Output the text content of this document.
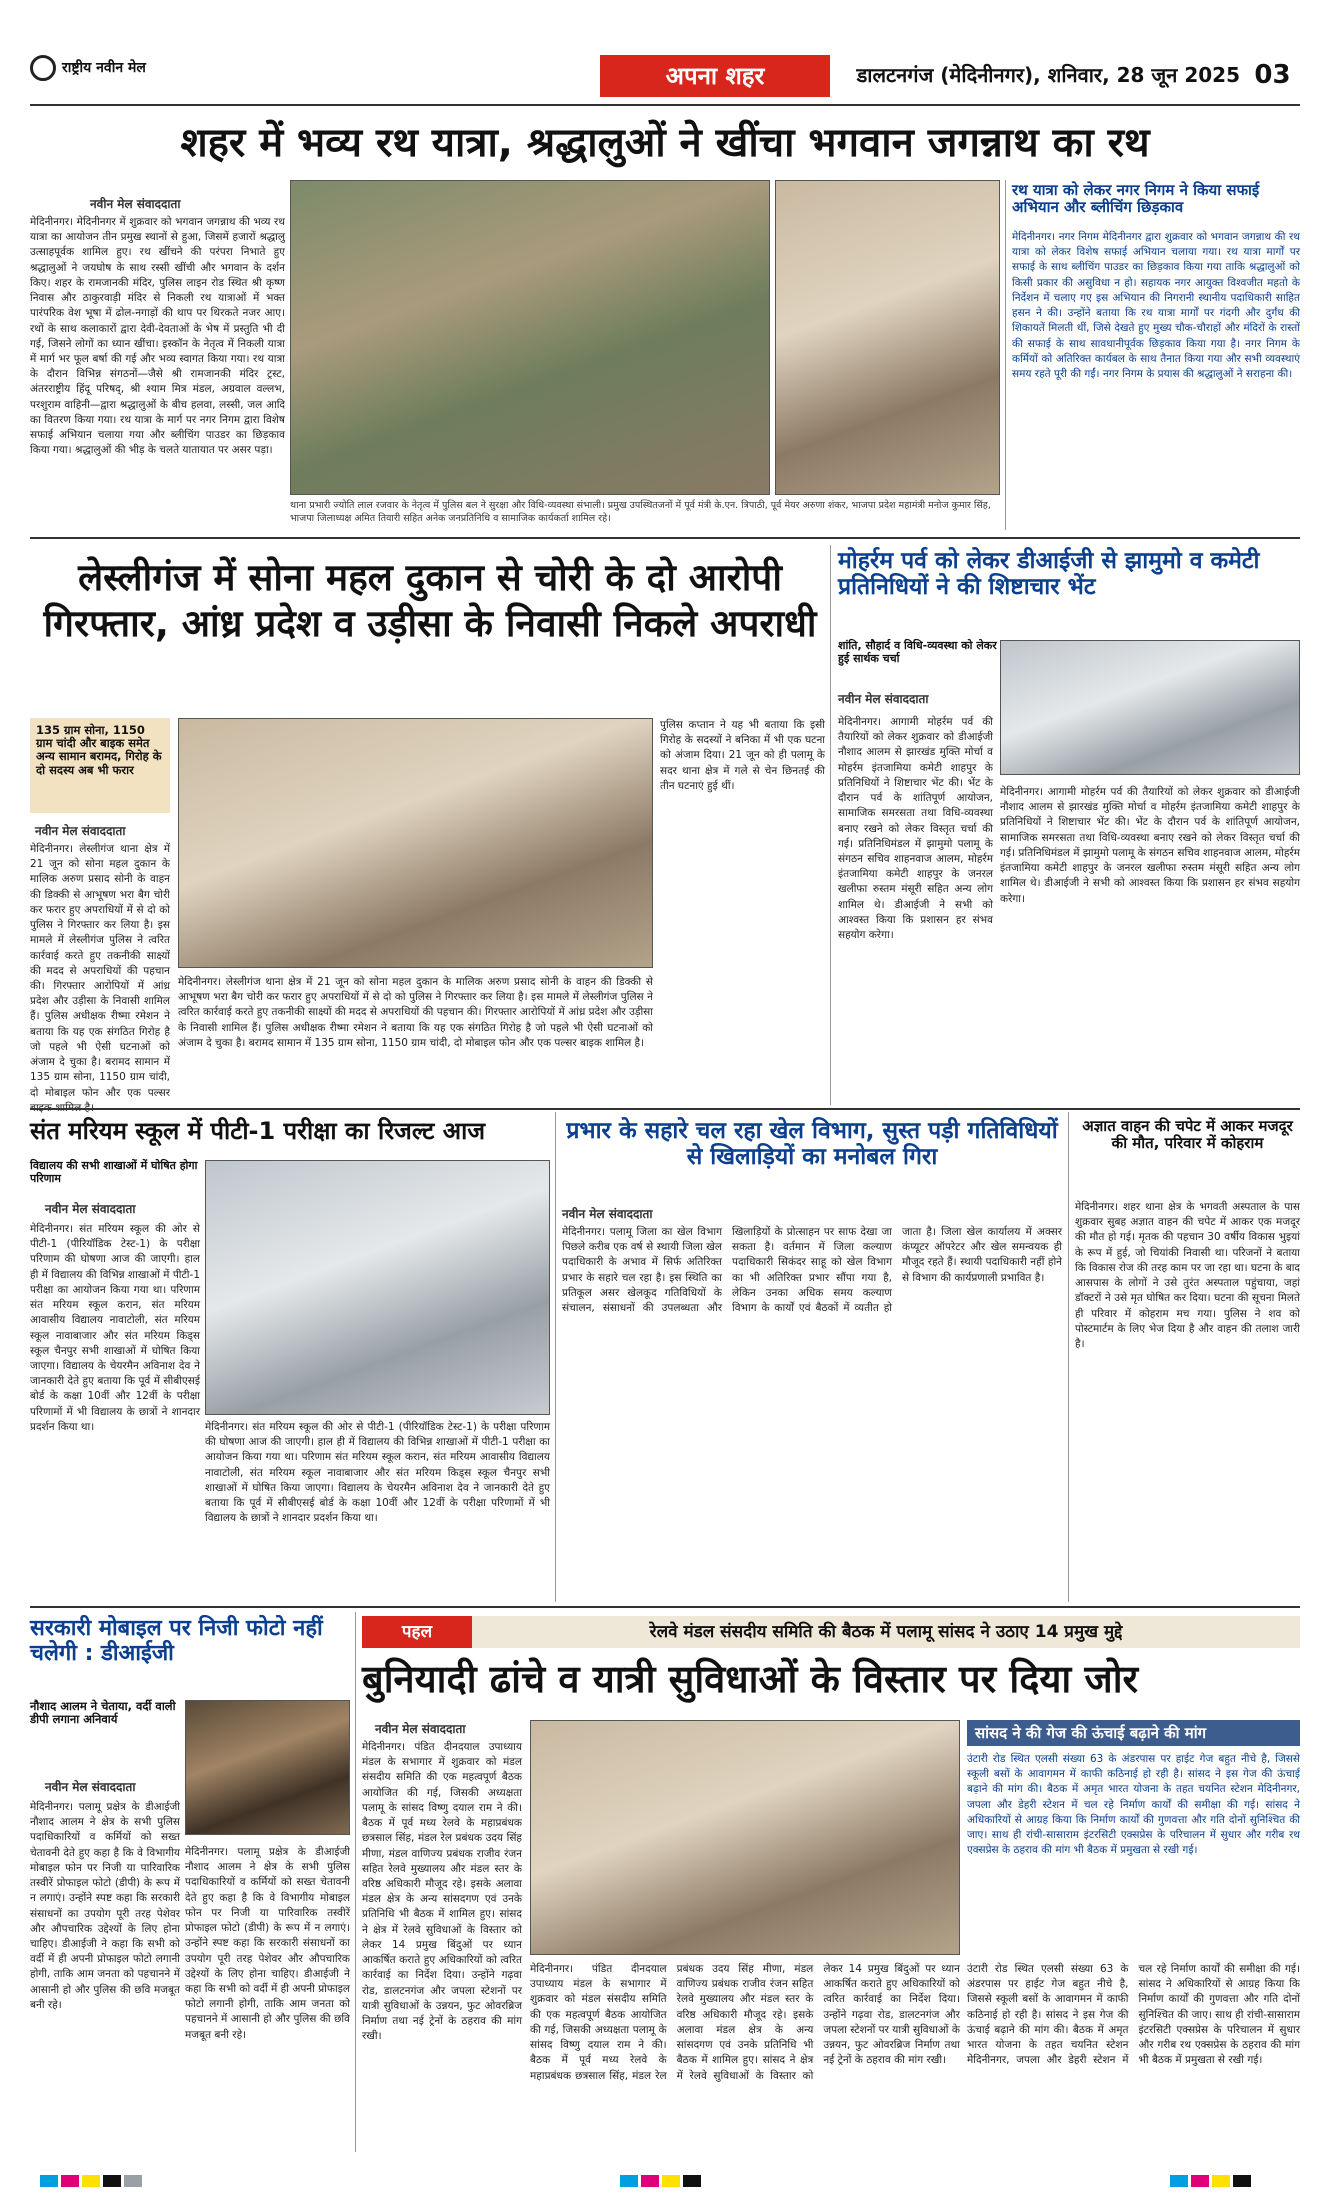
राष्ट्रीय नवीन मेल	अपना शहर	डालटनगंज (मेदिनीनगर), शनिवार, 28 जून 2025 03
शहर में भव्य रथ यात्रा, श्रद्धालुओं ने खींचा भगवान जगन्नाथ का रथ
नवीन मेल संवाददाता
मेदिनीनगर। मेदिनीनगर में शुक्रवार को भगवान जगन्नाथ की भव्य रथ यात्रा का आयोजन तीन प्रमुख स्थानों से हुआ, जिसमें हजारों श्रद्धालु उत्साहपूर्वक शामिल हुए। रथ खींचने की परंपरा निभाते हुए श्रद्धालुओं ने जयघोष के साथ रस्सी खींची और भगवान के दर्शन किए। शहर के रामजानकी मंदिर, पुलिस लाइन रोड स्थित श्री कृष्ण निवास और ठाकुरवाड़ी मंदिर से निकली रथ यात्राओं में भक्त पारंपरिक वेश भूषा में ढोल-नगाड़ों की थाप पर थिरकते नजर आए। रथों के साथ कलाकारों द्वारा देवी-देवताओं के भेष में प्रस्तुति भी दी गई, जिसने लोगों का ध्यान खींचा। इस्कॉन के नेतृत्व में निकली यात्रा में मार्ग भर फूल बर्षा की गई और भव्य स्वागत किया गया। रथ यात्रा के दौरान विभिन्न संगठनों—जैसे श्री रामजानकी मंदिर ट्रस्ट, अंतरराष्ट्रीय हिंदू परिषद्, श्री श्याम मित्र मंडल, अग्रवाल वल्लभ, परशुराम वाहिनी—द्वारा श्रद्धालुओं के बीच हलवा, लस्सी, जल आदि का वितरण किया गया। रथ यात्रा के मार्ग पर नगर निगम द्वारा विशेष सफाई अभियान चलाया गया और ब्लीचिंग पाउडर का छिड़काव किया गया। श्रद्धालुओं की भीड़ के चलते यातायात पर असर पड़ा।
थाना प्रभारी ज्योति लाल रजवार के नेतृत्व में पुलिस बल ने सुरक्षा और विधि-व्यवस्था संभाली। प्रमुख उपस्थितजनों में पूर्व मंत्री के.एन. त्रिपाठी, पूर्व मेयर अरुणा शंकर, भाजपा प्रदेश महामंत्री मनोज कुमार सिंह, भाजपा जिलाध्यक्ष अमित तिवारी सहित अनेक जनप्रतिनिधि व सामाजिक कार्यकर्ता शामिल रहे।
रथ यात्रा को लेकर नगर निगम ने किया सफाई अभियान और ब्लीचिंग छिड़काव
मेदिनीनगर। नगर निगम मेदिनीनगर द्वारा शुक्रवार को भगवान जगन्नाथ की रथ यात्रा को लेकर विशेष सफाई अभियान चलाया गया। रथ यात्रा मार्गों पर सफाई के साथ ब्लीचिंग पाउडर का छिड़काव किया गया ताकि श्रद्धालुओं को किसी प्रकार की असुविधा न हो। सहायक नगर आयुक्त विश्वजीत महतो के निर्देशन में चलाए गए इस अभियान की निगरानी स्थानीय पदाधिकारी साहित हसन ने की। उन्होंने बताया कि रथ यात्रा मार्गों पर गंदगी और दुर्गंध की शिकायतें मिलती थीं, जिसे देखते हुए मुख्य चौक-चौराहों और मंदिरों के रास्तों की सफाई के साथ सावधानीपूर्वक छिड़काव किया गया है। नगर निगम के कर्मियों को अतिरिक्त कार्यबल के साथ तैनात किया गया और सभी व्यवस्थाएं समय रहते पूरी की गईं। नगर निगम के प्रयास की श्रद्धालुओं ने सराहना की।
लेस्लीगंज में सोना महल दुकान से चोरी के दो आरोपी गिरफ्तार, आंध्र प्रदेश व उड़ीसा के निवासी निकले अपराधी
135 ग्राम सोना, 1150 ग्राम चांदी और बाइक समेत अन्य सामान बरामद, गिरोह के दो सदस्य अब भी फरार
नवीन मेल संवाददाता
मेदिनीनगर। लेस्लीगंज थाना क्षेत्र में 21 जून को सोना महल दुकान के मालिक अरुण प्रसाद सोनी के वाहन की डिक्की से आभूषण भरा बैग चोरी कर फरार हुए अपराधियों में से दो को पुलिस ने गिरफ्तार कर लिया है। इस मामले में लेस्लीगंज पुलिस ने त्वरित कार्रवाई करते हुए तकनीकी साक्ष्यों की मदद से अपराधियों की पहचान की। गिरफ्तार आरोपियों में आंध्र प्रदेश और उड़ीसा के निवासी शामिल हैं। पुलिस अधीक्षक रीष्मा रमेशन ने बताया कि यह एक संगठित गिरोह है जो पहले भी ऐसी घटनाओं को अंजाम दे चुका है। बरामद सामान में 135 ग्राम सोना, 1150 ग्राम चांदी, दो मोबाइल फोन और एक पल्सर
मेदिनीनगर। लेस्लीगंज थाना क्षेत्र में 21 जून को सोना महल दुकान के मालिक अरुण प्रसाद सोनी के वाहन की डिक्की से आभूषण भरा बैग चोरी कर फरार हुए अपराधियों में से दो को पुलिस ने गिरफ्तार कर लिया है। इस मामले में लेस्लीगंज पुलिस ने त्वरित कार्रवाई करते हुए तकनीकी साक्ष्यों की मदद से अपराधियों की पहचान की। गिरफ्तार आरोपियों में आंध्र प्रदेश और उड़ीसा के निवासी शामिल हैं। पुलिस अधीक्षक रीष्मा रमेशन ने बताया कि यह एक संगठित गिरोह है जो पहले भी ऐसी घटनाओं को अंजाम दे चुका है। बरामद सामान में 135 ग्राम सोना, 1150 ग्राम चांदी, दो मोबाइल फोन और एक पल्सर बाइक शामिल है।
पुलिस कप्तान ने यह भी बताया कि इसी गिरोह के सदस्यों ने बनिका में भी एक घटना को अंजाम दिया। 21 जून को ही पलामू के सदर थाना क्षेत्र में गले से चेन छिनतई की तीन घटनाएं हुई थीं।
मोहर्रम पर्व को लेकर डीआईजी से झामुमो व कमेटी प्रतिनिधियों ने की शिष्टाचार भेंट
शांति, सौहार्द व विधि-व्यवस्था को लेकर हुई सार्थक चर्चा
नवीन मेल संवाददाता
मेदिनीनगर। आगामी मोहर्रम पर्व की तैयारियों को लेकर शुक्रवार को डीआईजी नौशाद आलम से झारखंड मुक्ति मोर्चा व मोहर्रम इंतजामिया कमेटी शाहपुर के प्रतिनिधियों ने शिष्टाचार भेंट की। भेंट के दौरान पर्व के शांतिपूर्ण आयोजन, सामाजिक समरसता तथा विधि-व्यवस्था बनाए रखने को लेकर विस्तृत चर्चा की गई। प्रतिनिधिमंडल में झामुमो पलामू के संगठन सचिव शाहनवाज आलम, मोहर्रम इंतजामिया कमेटी शाहपुर के जनरल खलीफा रुस्तम मंसूरी सहित अन्य लोग शामिल थे। डीआईजी ने सभी को आश्वस्त किया कि प्रशासन हर संभव सहयोग करेगा।
मेदिनीनगर। आगामी मोहर्रम पर्व की तैयारियों को लेकर शुक्रवार को डीआईजी नौशाद आलम से झारखंड मुक्ति मोर्चा व मोहर्रम इंतजामिया कमेटी शाहपुर के प्रतिनिधियों ने शिष्टाचार भेंट की। भेंट के दौरान पर्व के शांतिपूर्ण आयोजन, सामाजिक समरसता तथा विधि-व्यवस्था बनाए रखने को लेकर विस्तृत चर्चा की गई। प्रतिनिधिमंडल में झामुमो पलामू के संगठन सचिव शाहनवाज आलम, मोहर्रम इंतजामिया कमेटी शाहपुर के जनरल खलीफा रुस्तम मंसूरी सहित अन्य लोग शामिल थे। डीआईजी ने सभी को आश्वस्त किया कि प्रशासन हर संभव सहयोग करेगा।
संत मरियम स्कूल में पीटी-1 परीक्षा का रिजल्ट आज
विद्यालय की सभी शाखाओं में घोषित होगा परिणाम
नवीन मेल संवाददाता
मेदिनीनगर। संत मरियम स्कूल की ओर से पीटी-1 (पीरियॉडिक टेस्ट-1) के परीक्षा परिणाम की घोषणा आज की जाएगी। हाल ही में विद्यालय की विभिन्न शाखाओं में पीटी-1 परीक्षा का आयोजन किया गया था। परिणाम संत मरियम स्कूल करान, संत मरियम आवासीय विद्यालय नावाटोली, संत मरियम स्कूल नावाबाजार और संत मरियम किड्स स्कूल चैनपुर सभी शाखाओं में घोषित किया जाएगा। विद्यालय के चेयरमैन अविनाश देव ने जानकारी देते हुए बताया कि पूर्व में सीबीएसई बोर्ड के कक्षा 10वीं और 12वीं के परीक्षा परिणामों में भी विद्यालय के छात्रों ने शानदार प्रदर्शन किया था।	मेदिनीनगर। संत मरियम स्कूल की ओर से पीटी-1 (पीरियॉडिक टेस्ट-1) के परीक्षा परिणाम की घोषणा आज की जाएगी। हाल ही में विद्यालय की विभिन्न शाखाओं में पीटी-1 परीक्षा का आयोजन किया गया था। परिणाम संत मरियम स्कूल करान, संत मरियम आवासीय विद्यालय नावाटोली, संत मरियम स्कूल नावाबाजार और संत मरियम किड्स स्कूल चैनपुर सभी शाखाओं में घोषित किया जाएगा। विद्यालय के चेयरमैन अविनाश देव ने जानकारी देते हुए बताया कि पूर्व में सीबीएसई बोर्ड के कक्षा 10वीं और 12वीं के परीक्षा परिणामों में भी विद्यालय के छात्रों ने शानदार प्रदर्शन किया था।
प्रभार के सहारे चल रहा खेल विभाग, सुस्त पड़ी गतिविधियों से खिलाड़ियों का मनोबल गिरा
नवीन मेल संवाददाता
मेदिनीनगर। पलामू जिला का खेल विभाग पिछले करीब एक वर्ष से स्थायी जिला खेल पदाधिकारी के अभाव में सिर्फ अतिरिक्त प्रभार के सहारे चल रहा है। इस स्थिति का प्रतिकूल असर खेलकूद गतिविधियों के संचालन, संसाधनों की उपलब्धता और खिलाड़ियों के प्रोत्साहन पर साफ देखा जा सकता है। वर्तमान में जिला कल्याण पदाधिकारी सिकंदर साहू को खेल विभाग का भी अतिरिक्त प्रभार सौंपा गया है, लेकिन उनका अधिक समय कल्याण विभाग के कार्यों एवं बैठकों में व्यतीत हो जाता है। जिला खेल कार्यालय में अक्सर कंप्यूटर ऑपरेटर और खेल समन्वयक ही मौजूद रहते हैं। स्थायी पदाधिकारी नहीं होने से विभाग की कार्यप्रणाली प्रभावित है।
अज्ञात वाहन की चपेट में आकर मजदूर की मौत, परिवार में कोहराम
मेदिनीनगर। शहर थाना क्षेत्र के भगवती अस्पताल के पास शुक्रवार सुबह अज्ञात वाहन की चपेट में आकर एक मजदूर की मौत हो गई। मृतक की पहचान 30 वर्षीय विकास भुइयां के रूप में हुई, जो चियांकी निवासी था। परिजनों ने बताया कि विकास रोज की तरह काम पर जा रहा था। घटना के बाद आसपास के लोगों ने उसे तुरंत अस्पताल पहुंचाया, जहां डॉक्टरों ने उसे मृत घोषित कर दिया। घटना की सूचना मिलते ही परिवार में कोहराम मच गया। पुलिस ने शव को पोस्टमार्टम के लिए भेज दिया है और वाहन की तलाश जारी है।
सरकारी मोबाइल पर निजी फोटो नहीं चलेगी : डीआईजी
नौशाद आलम ने चेताया, वर्दी वाली डीपी लगाना अनिवार्य
नवीन मेल संवाददाता
मेदिनीनगर। पलामू प्रक्षेत्र के डीआईजी नौशाद आलम ने क्षेत्र के सभी पुलिस पदाधिकारियों व कर्मियों को सख्त चेतावनी देते हुए कहा है कि वे विभागीय मोबाइल फोन पर निजी या पारिवारिक तस्वीरें प्रोफाइल फोटो (डीपी) के रूप में न लगाएं। उन्होंने स्पष्ट कहा कि सरकारी संसाधनों का उपयोग पूरी तरह पेशेवर और औपचारिक उद्देश्यों के लिए होना चाहिए। डीआईजी ने कहा कि सभी को वर्दी में ही अपनी प्रोफाइल फोटो लगानी होगी, ताकि आम जनता को पहचानने में आसानी हो और पुलिस की छवि मजबूत बनी रहे।
मेदिनीनगर। पलामू प्रक्षेत्र के डीआईजी नौशाद आलम ने क्षेत्र के सभी पुलिस पदाधिकारियों व कर्मियों को सख्त चेतावनी देते हुए कहा है कि वे विभागीय मोबाइल फोन पर निजी या पारिवारिक तस्वीरें प्रोफाइल फोटो (डीपी) के रूप में न लगाएं। उन्होंने स्पष्ट कहा कि सरकारी संसाधनों का उपयोग पूरी तरह पेशेवर और औपचारिक उद्देश्यों के लिए होना चाहिए। डीआईजी ने कहा कि सभी को वर्दी में ही अपनी प्रोफाइल फोटो लगानी होगी, ताकि आम जनता को पहचानने में आसानी हो और पुलिस की छवि मजबूत बनी रहे।
पहल	रेलवे मंडल संसदीय समिति की बैठक में पलामू सांसद ने उठाए 14 प्रमुख मुद्दे
बुनियादी ढांचे व यात्री सुविधाओं के विस्तार पर दिया जोर
नवीन मेल संवाददाता
मेदिनीनगर। पंडित दीनदयाल उपाध्याय मंडल के सभागार में शुक्रवार को मंडल संसदीय समिति की एक महत्वपूर्ण बैठक आयोजित की गई, जिसकी अध्यक्षता पलामू के सांसद विष्णु दयाल राम ने की। बैठक में पूर्व मध्य रेलवे के महाप्रबंधक छत्रसाल सिंह, मंडल रेल प्रबंधक उदय सिंह मीणा, मंडल वाणिज्य प्रबंधक राजीव रंजन सहित रेलवे मुख्यालय और मंडल स्तर के वरिष्ठ अधिकारी मौजूद रहे। इसके अलावा मंडल क्षेत्र के अन्य सांसदगण एवं उनके प्रतिनिधि भी बैठक में शामिल हुए। सांसद ने क्षेत्र में रेलवे सुविधाओं के विस्तार को लेकर 14 प्रमुख बिंदुओं पर ध्यान आकर्षित कराते हुए अधिकारियों को त्वरित कार्रवाई का निर्देश दिया। उन्होंने गढ़वा रोड, डालटनगंज और जपला स्टेशनों पर यात्री सुविधाओं के उन्नयन, फुट ओवरब्रिज निर्माण तथा नई ट्रेनों के ठहराव की मांग रखी।
मेदिनीनगर। पंडित दीनदयाल उपाध्याय मंडल के सभागार में शुक्रवार को मंडल संसदीय समिति की एक महत्वपूर्ण बैठक आयोजित की गई, जिसकी अध्यक्षता पलामू के सांसद विष्णु दयाल राम ने की। बैठक में पूर्व मध्य रेलवे के महाप्रबंधक छत्रसाल सिंह, मंडल रेल प्रबंधक उदय सिंह मीणा, मंडल वाणिज्य प्रबंधक राजीव रंजन सहित रेलवे मुख्यालय और मंडल स्तर के वरिष्ठ अधिकारी मौजूद रहे। इसके अलावा मंडल क्षेत्र के अन्य सांसदगण एवं उनके प्रतिनिधि भी बैठक में शामिल हुए। सांसद ने क्षेत्र में रेलवे सुविधाओं के विस्तार को लेकर 14 प्रमुख बिंदुओं पर ध्यान आकर्षित कराते हुए अधिकारियों को त्वरित कार्रवाई का निर्देश दिया। उन्होंने गढ़वा रोड, डालटनगंज और जपला स्टेशनों पर यात्री सुविधाओं के उन्नयन, फुट ओवरब्रिज निर्माण तथा नई ट्रेनों के ठहराव की मांग रखी।
सांसद ने की गेज की ऊंचाई बढ़ाने की मांग
उंटारी रोड स्थित एलसी संख्या 63 के अंडरपास पर हाईट गेज बहुत नीचे है, जिससे स्कूली बसों के आवागमन में काफी कठिनाई हो रही है। सांसद ने इस गेज की ऊंचाई बढ़ाने की मांग की। बैठक में अमृत भारत योजना के तहत चयनित स्टेशन मेदिनीनगर, जपला और डेहरी स्टेशन में चल रहे निर्माण कार्यों की समीक्षा की गई। सांसद ने अधिकारियों से आग्रह किया कि निर्माण कार्यों की गुणवत्ता और गति दोनों सुनिश्चित की जाए। साथ ही रांची-सासाराम इंटरसिटी एक्सप्रेस के परिचालन में सुधार और गरीब रथ एक्सप्रेस के ठहराव की मांग भी बैठक में प्रमुखता से रखी गई।
उंटारी रोड स्थित एलसी संख्या 63 के अंडरपास पर हाईट गेज बहुत नीचे है, जिससे स्कूली बसों के आवागमन में काफी कठिनाई हो रही है। सांसद ने इस गेज की ऊंचाई बढ़ाने की मांग की। बैठक में अमृत भारत योजना के तहत चयनित स्टेशन मेदिनीनगर, जपला और डेहरी स्टेशन में चल रहे निर्माण कार्यों की समीक्षा की गई। सांसद ने अधिकारियों से आग्रह किया कि निर्माण कार्यों की गुणवत्ता और गति दोनों सुनिश्चित की जाए। साथ ही रांची-सासाराम इंटरसिटी एक्सप्रेस के परिचालन में सुधार और गरीब रथ एक्सप्रेस के ठहराव की मांग भी बैठक में प्रमुखता से रखी गई।
